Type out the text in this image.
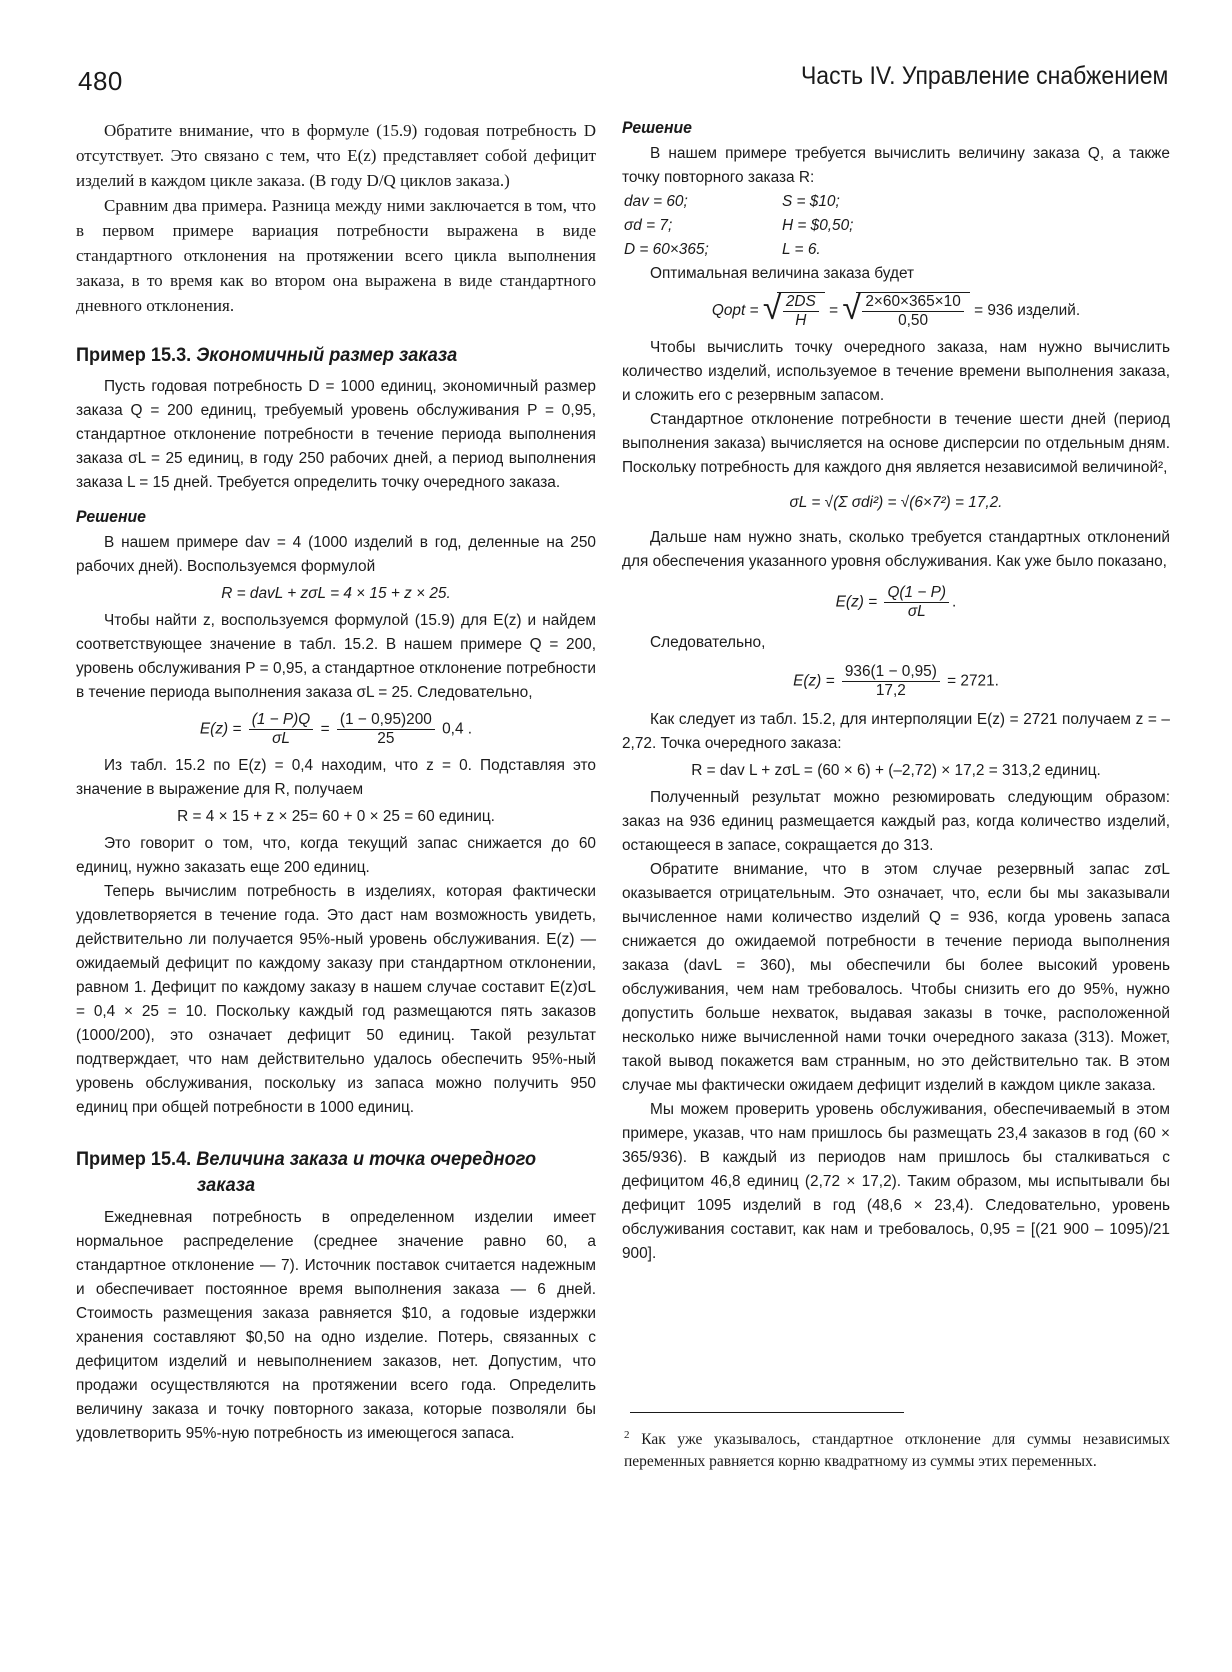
480	Часть IV. Управление снабжением

Обратите внимание, что в формуле (15.9) годовая потребность D отсутствует. Это связано с тем, что E(z) представляет собой дефицит изделий в каждом цикле заказа. (В году D/Q циклов заказа.)

Сравним два примера. Разница между ними заключается в том, что в первом примере вариация потребности выражена в виде стандартного отклонения на протяжении всего цикла выполнения заказа, в то время как во втором она выражена в виде стандартного дневного отклонения.

Пример 15.3. Экономичный размер заказа

Пусть годовая потребность D = 1000 единиц, экономичный размер заказа Q = 200 единиц, требуемый уровень обслуживания P = 0,95, стандартное отклонение потребности в течение периода выполнения заказа σL = 25 единиц, в году 250 рабочих дней, а период выполнения заказа L = 15 дней. Требуется определить точку очередного заказа.

Решение

В нашем примере dav = 4 (1000 изделий в год, деленные на 250 рабочих дней). Воспользуемся формулой

R = davL + zσL = 4 × 15 + z × 25.

Чтобы найти z, воспользуемся формулой (15.9) для E(z) и найдем соответствующее значение в табл. 15.2. В нашем примере Q = 200, уровень обслуживания P = 0,95, а стандартное отклонение потребности в течение периода выполнения заказа σL = 25. Следовательно,

$E(z) = \frac{(1 - P)Q}{\sigma L} = \frac{(1 - 0,95)200}{25} 0,4$ .

Из табл. 15.2 по E(z) = 0,4 находим, что z = 0. Подставляя это значение в выражение для R, получаем

R = 4 × 15 + z × 25= 60 + 0 × 25 = 60 единиц.

Это говорит о том, что, когда текущий запас снижается до 60 единиц, нужно заказать еще 200 единиц.

Теперь вычислим потребность в изделиях, которая фактически удовлетворяется в течение года. Это даст нам возможность увидеть, действительно ли получается 95%-ный уровень обслуживания. E(z) — ожидаемый дефицит по каждому заказу при стандартном отклонении, равном 1. Дефицит по каждому заказу в нашем случае составит E(z)σL = 0,4 × 25 = 10. Поскольку каждый год размещаются пять заказов (1000/200), это означает дефицит 50 единиц. Такой результат подтверждает, что нам действительно удалось обеспечить 95%-ный уровень обслуживания, поскольку из запаса можно получить 950 единиц при общей потребности в 1000 единиц.

Пример 15.4. Величина заказа и точка очередного
заказа

Ежедневная потребность в определенном изделии имеет нормальное распределение (среднее значение равно 60, а стандартное отклонение — 7). Источник поставок считается надежным и обеспечивает постоянное время выполнения заказа — 6 дней. Стоимость размещения заказа равняется $10, а годовые издержки хранения составляют $0,50 на одно изделие. Потерь, связанных с дефицитом изделий и невыполнением заказов, нет. Допустим, что продажи осуществляются на протяжении всего года. Определить величину заказа и точку повторного заказа, которые позволяли бы удовлетворить 95%-ную потребность из имеющегося запаса.

Решение

В нашем примере требуется вычислить величину заказа Q, а также точку повторного заказа R:

dav = 60;	S = $10;
σd = 7;	H = $0,50;
D = 60×365;	L = 6.

Оптимальная величина заказа будет

Qopt = √ $\frac{2DS}{H}$ = √ $\frac{2\times 60\times 365\times 10}{0,50} = 936$ изделий.

Чтобы вычислить точку очередного заказа, нам нужно вычислить количество изделий, используемое в течение времени выполнения заказа, и сложить его с резервным запасом.

Стандартное отклонение потребности в течение шести дней (период выполнения заказа) вычисляется на основе дисперсии по отдельным дням. Поскольку потребность для каждого дня является независимой величиной²,

σL = √(Σ σdi²) = √(6×7²) = 17,2.

Дальше нам нужно знать, сколько требуется стандартных отклонений для обеспечения указанного уровня обслуживания. Как уже было показано,

$E(z) = \frac{Q(1 - P)}{\sigma L}$ .

Следовательно,

$E(z) = \frac{936(1 - 0,95)}{17,2} = 2721$.

Как следует из табл. 15.2, для интерполяции E(z) = 2721 получаем z = –2,72. Точка очередного заказа:

R = dav L + zσL = (60 × 6) + (–2,72) × 17,2 = 313,2 единиц.

Полученный результат можно резюмировать следующим образом: заказ на 936 единиц размещается каждый раз, когда количество изделий, остающееся в запасе, сокращается до 313.

Обратите внимание, что в этом случае резервный запас zσL оказывается отрицательным. Это означает, что, если бы мы заказывали вычисленное нами количество изделий Q = 936, когда уровень запаса снижается до ожидаемой потребности в течение периода выполнения заказа (davL = 360), мы обеспечили бы более высокий уровень обслуживания, чем нам требовалось. Чтобы снизить его до 95%, нужно допустить больше нехваток, выдавая заказы в точке, расположенной несколько ниже вычисленной нами точки очередного заказа (313). Может, такой вывод покажется вам странным, но это действительно так. В этом случае мы фактически ожидаем дефицит изделий в каждом цикле заказа.

Мы можем проверить уровень обслуживания, обеспечиваемый в этом примере, указав, что нам пришлось бы размещать 23,4 заказов в год (60 × 365/936). В каждый из периодов нам пришлось бы сталкиваться с дефицитом 46,8 единиц (2,72 × 17,2). Таким образом, мы испытывали бы дефицит 1095 изделий в год (48,6 × 23,4). Следовательно, уровень обслуживания составит, как нам и требовалось, 0,95 = [(21 900 – 1095)/21 900].

$^2$ Как уже указывалось, стандартное отклонение для суммы независимых переменных равняется корню квадратному из суммы этих переменных.
